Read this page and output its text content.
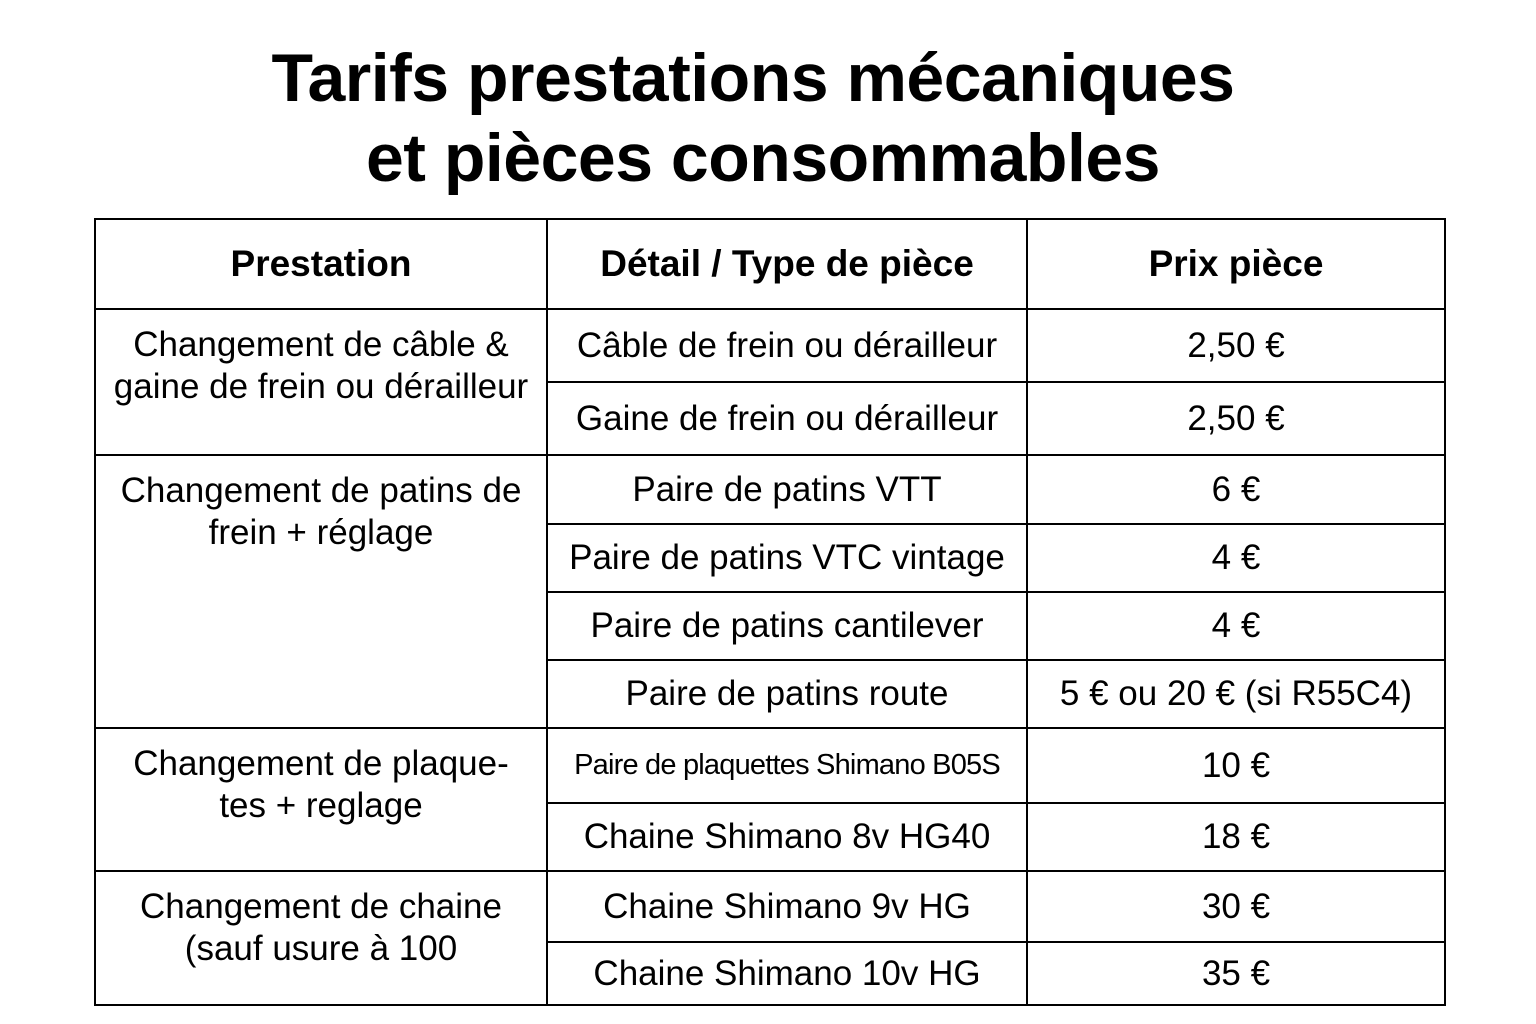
Tarifs prestations mécaniques
et pièces consommables
Prestation	Détail / Type de pièce	Prix pièce
Changement de câble & gaine de frein ou dérailleur	Câble de frein ou dérailleur	2,50 €
	Gaine de frein ou dérailleur	2,50 €
Changement de patins de frein + réglage	Paire de patins VTT	6 €
	Paire de patins VTC vintage	4 €
	Paire de patins cantilever	4 €
	Paire de patins route	5 € ou 20 € (si R55C4)
Changement de plaque-tes + reglage	Paire de plaquettes Shimano B05S	10 €
	Chaine Shimano 8v HG40	18 €
Changement de chaine (sauf usure à 100	Chaine Shimano 9v HG	30 €
	Chaine Shimano 10v HG	35 €
